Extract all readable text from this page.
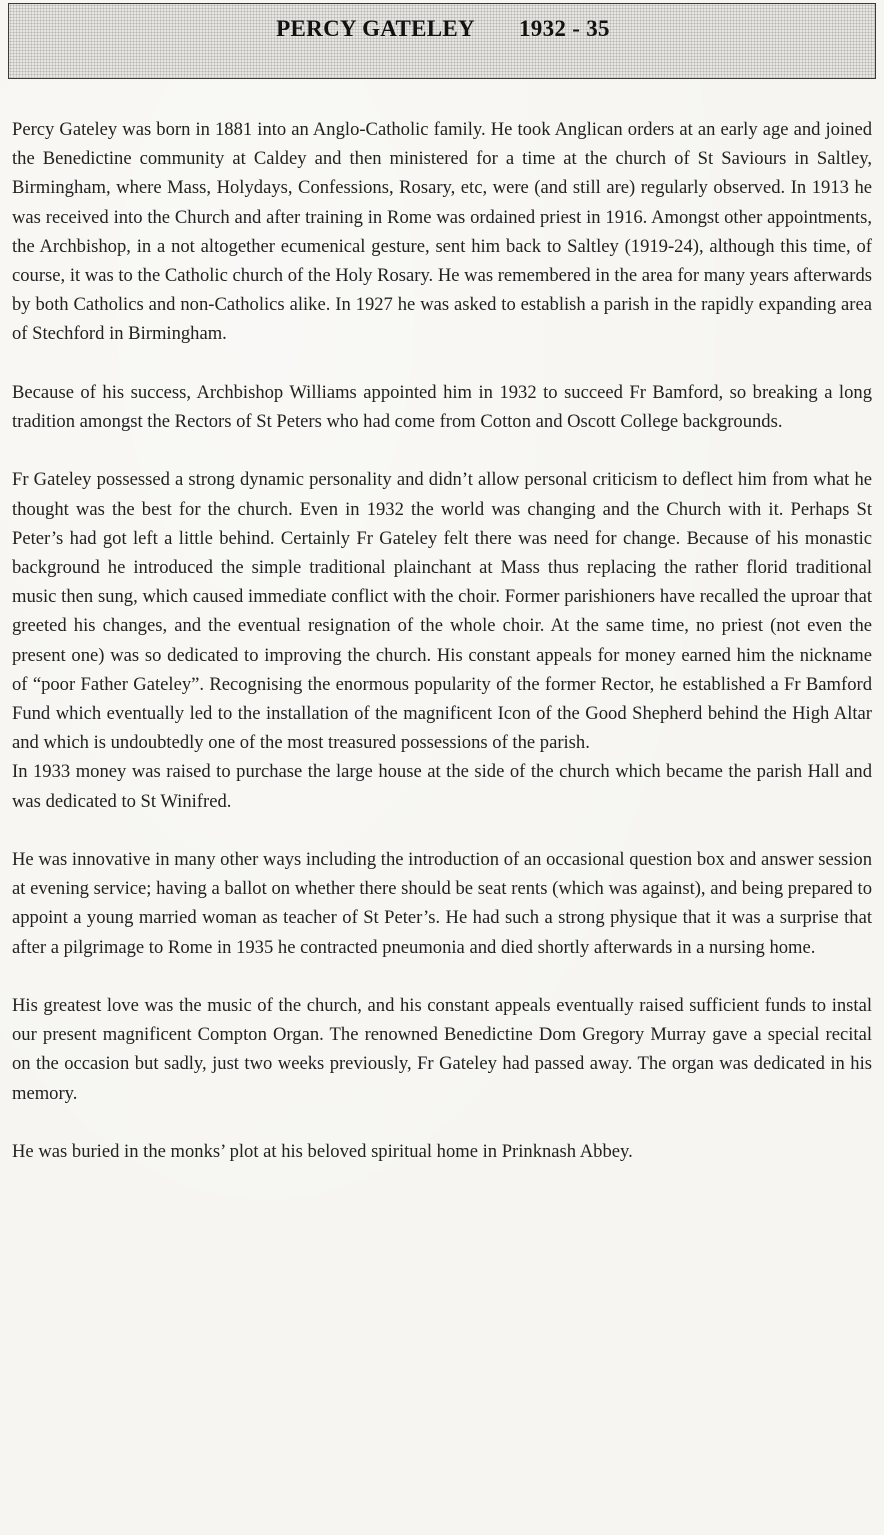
PERCY GATELEY 1932 - 35

Percy Gateley was born in 1881 into an Anglo-Catholic family. He took Anglican orders at an early age and joined the Benedictine community at Caldey and then ministered for a time at the church of St Saviours in Saltley, Birmingham, where Mass, Holydays, Confessions, Rosary, etc, were (and still are) regularly observed. In 1913 he was received into the Church and after training in Rome was ordained priest in 1916. Amongst other appointments, the Archbishop, in a not altogether ecumenical gesture, sent him back to Saltley (1919-24), although this time, of course, it was to the Catholic church of the Holy Rosary. He was remembered in the area for many years afterwards by both Catholics and non-Catholics alike. In 1927 he was asked to establish a parish in the rapidly expanding area of Stechford in Birmingham.

Because of his success, Archbishop Williams appointed him in 1932 to succeed Fr Bamford, so breaking a long tradition amongst the Rectors of St Peters who had come from Cotton and Oscott College backgrounds.

Fr Gateley possessed a strong dynamic personality and didn’t allow personal criticism to deflect him from what he thought was the best for the church. Even in 1932 the world was changing and the Church with it. Perhaps St Peter’s had got left a little behind. Certainly Fr Gateley felt there was need for change. Because of his monastic background he introduced the simple traditional plainchant at Mass thus replacing the rather florid traditional music then sung, which caused immediate conflict with the choir. Former parishioners have recalled the uproar that greeted his changes, and the eventual resignation of the whole choir. At the same time, no priest (not even the present one) was so dedicated to improving the church. His constant appeals for money earned him the nickname of “poor Father Gateley”. Recognising the enormous popularity of the former Rector, he established a Fr Bamford Fund which eventually led to the installation of the magnificent Icon of the Good Shepherd behind the High Altar and which is undoubtedly one of the most treasured possessions of the parish.

In 1933 money was raised to purchase the large house at the side of the church which became the parish Hall and was dedicated to St Winifred.

He was innovative in many other ways including the introduction of an occasional question box and answer session at evening service; having a ballot on whether there should be seat rents (which was against), and being prepared to appoint a young married woman as teacher of St Peter’s. He had such a strong physique that it was a surprise that after a pilgrimage to Rome in 1935 he contracted pneumonia and died shortly afterwards in a nursing home.

His greatest love was the music of the church, and his constant appeals eventually raised sufficient funds to instal our present magnificent Compton Organ. The renowned Benedictine Dom Gregory Murray gave a special recital on the occasion but sadly, just two weeks previously, Fr Gateley had passed away. The organ was dedicated in his memory.

He was buried in the monks’ plot at his beloved spiritual home in Prinknash Abbey.
